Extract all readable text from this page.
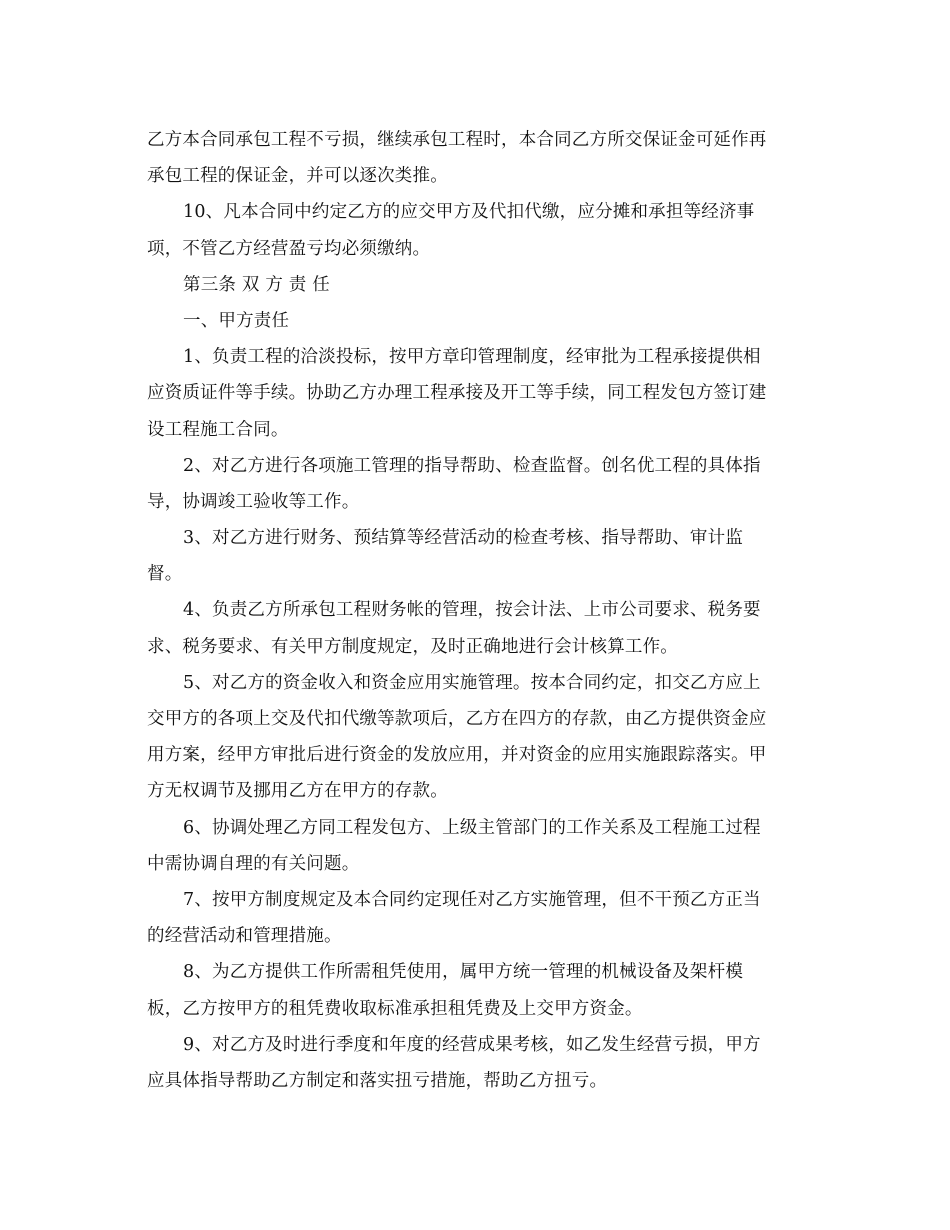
乙方本合同承包工程不亏损，继续承包工程时，本合同乙方所交保证金可延作再
承包工程的保证金，并可以逐次类推。
10、凡本合同中约定乙方的应交甲方及代扣代缴，应分摊和承担等经济事
项，不管乙方经营盈亏均必须缴纳。
第三条 双 方 责 任
一、甲方责任
1、负责工程的洽淡投标，按甲方章印管理制度，经审批为工程承接提供相
应资质证件等手续。协助乙方办理工程承接及开工等手续，同工程发包方签订建
设工程施工合同。
2、对乙方进行各项施工管理的指导帮助、检查监督。创名优工程的具体指
导，协调竣工验收等工作。
3、对乙方进行财务、预结算等经营活动的检查考核、指导帮助、审计监
督。
4、负责乙方所承包工程财务帐的管理，按会计法、上市公司要求、税务要
求、税务要求、有关甲方制度规定，及时正确地进行会计核算工作。
5、对乙方的资金收入和资金应用实施管理。按本合同约定，扣交乙方应上
交甲方的各项上交及代扣代缴等款项后，乙方在四方的存款，由乙方提供资金应
用方案，经甲方审批后进行资金的发放应用，并对资金的应用实施跟踪落实。甲
方无权调节及挪用乙方在甲方的存款。
6、协调处理乙方同工程发包方、上级主管部门的工作关系及工程施工过程
中需协调自理的有关问题。
7、按甲方制度规定及本合同约定现任对乙方实施管理，但不干预乙方正当
的经营活动和管理措施。
8、为乙方提供工作所需租凭使用，属甲方统一管理的机械设备及架杆模
板，乙方按甲方的租凭费收取标准承担租凭费及上交甲方资金。
9、对乙方及时进行季度和年度的经营成果考核，如乙发生经营亏损，甲方
应具体指导帮助乙方制定和落实扭亏措施，帮助乙方扭亏。
